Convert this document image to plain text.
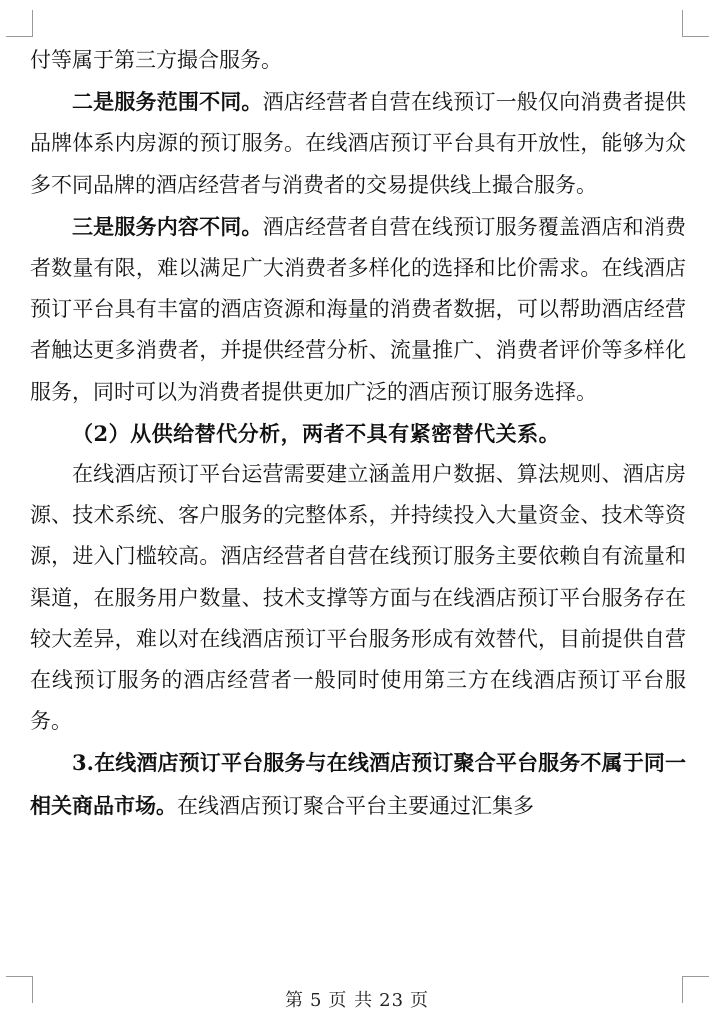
付等属于第三方撮合服务。

二是服务范围不同。酒店经营者自营在线预订一般仅向消费者提供品牌体系内房源的预订服务。在线酒店预订平台具有开放性，能够为众多不同品牌的酒店经营者与消费者的交易提供线上撮合服务。

三是服务内容不同。酒店经营者自营在线预订服务覆盖酒店和消费者数量有限，难以满足广大消费者多样化的选择和比价需求。在线酒店预订平台具有丰富的酒店资源和海量的消费者数据，可以帮助酒店经营者触达更多消费者，并提供经营分析、流量推广、消费者评价等多样化服务，同时可以为消费者提供更加广泛的酒店预订服务选择。

（2）从供给替代分析，两者不具有紧密替代关系。

在线酒店预订平台运营需要建立涵盖用户数据、算法规则、酒店房源、技术系统、客户服务的完整体系，并持续投入大量资金、技术等资源，进入门槛较高。酒店经营者自营在线预订服务主要依赖自有流量和渠道，在服务用户数量、技术支撑等方面与在线酒店预订平台服务存在较大差异，难以对在线酒店预订平台服务形成有效替代，目前提供自营在线预订服务的酒店经营者一般同时使用第三方在线酒店预订平台服务。

3.在线酒店预订平台服务与在线酒店预订聚合平台服务不属于同一相关商品市场。在线酒店预订聚合平台主要通过汇集多

第 5 页 共 23 页
